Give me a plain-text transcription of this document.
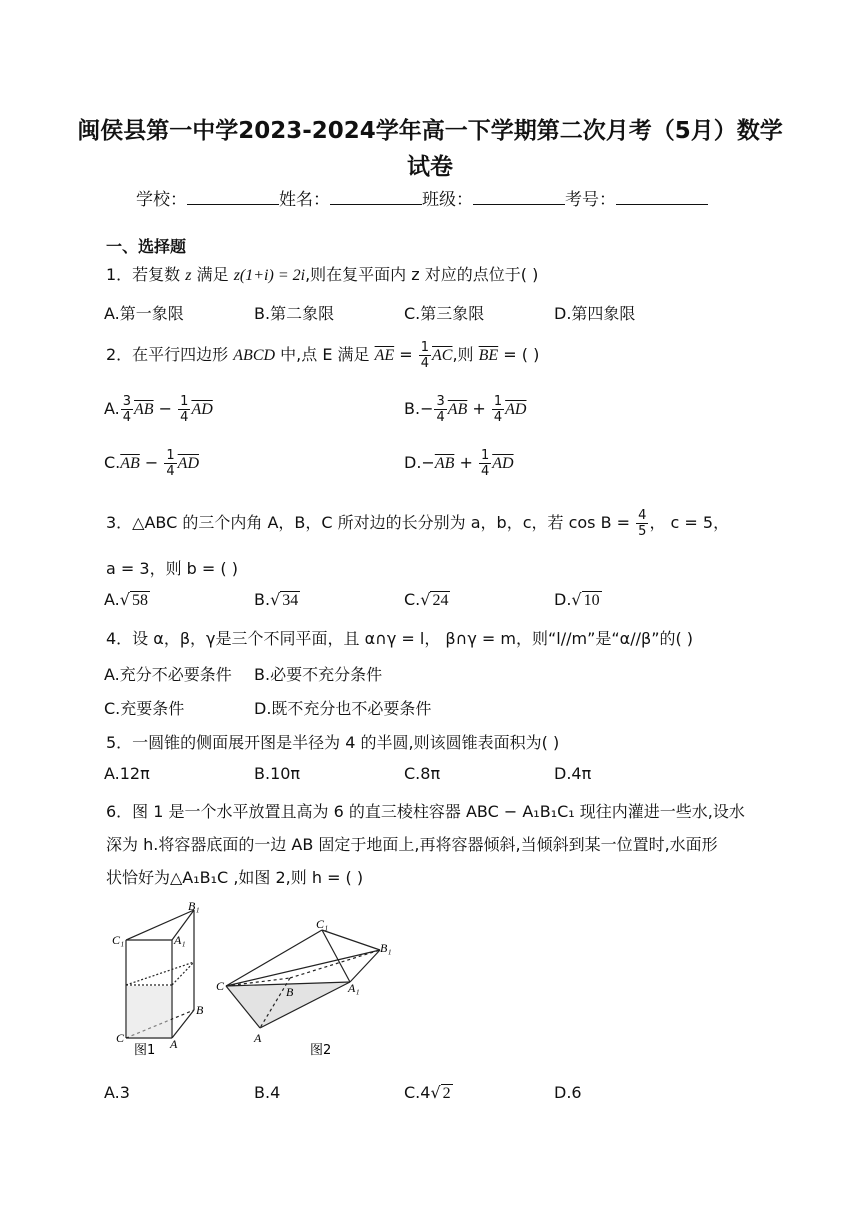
闽侯县第一中学2023-2024学年高一下学期第二次月考（5月）数学
试卷
学校：	姓名：	班级：	考号：
一、选择题
1．若复数 z 满足 z(1+i) = 2i,则在复平面内 z 对应的点位于( )
A.第一象限	B.第二象限	C.第三象限	D.第四象限
2．在平行四边形 ABCD 中,点 E 满足 $\overline{AE} = \frac{1}{4} \overline{AC}$,则 $\overline{BE}$ = ( )
A. $\frac{3}{4} \overline{AB} - \frac{1}{4} \overline{AD}$	$B.- \frac{3}{4} \overline{AB} + \frac{1}{4} \overline{AD}$
$C.\overline{AB} - \frac{1}{4} \overline{AD}$	$D.-\overline{AB} + \frac{1}{4} \overline{AD}$
3．△ABC 的三个内角 A，B，C 所对边的长分别为 a，b，c，若 $\cos B = \frac{4}{5}$ ， c = 5，
a = 3，则 b = ( )
A.√ 58	B.√ 34	C.√ 24	D.√ 10
4．设 α，β，γ是三个不同平面，且 α∩γ = l， β∩γ = m，则“l//m”是“α//β”的( )
A.充分不必要条件 B.必要不充分条件
C.充要条件	D.既不充分也不必要条件
5．一圆锥的侧面展开图是半径为 4 的半圆,则该圆锥表面积为( )
A.12π	B.10π	C.8π	D.4π
6．图 1 是一个水平放置且高为 6 的直三棱柱容器 ABC − A₁B₁C₁ 现往内灌进一些水,设水
深为 h.将容器底面的一边 AB 固定于地面上,再将容器倾斜,当倾斜到某一位置时,水面形
状恰好为△A₁B₁C ,如图 2,则 h = ( )
C₁	A₁
B₁
C	A
B
图1
C
C₁
B₁
A₁
B
A
图2
A.3	B.4	C.4√ 2	D.6
